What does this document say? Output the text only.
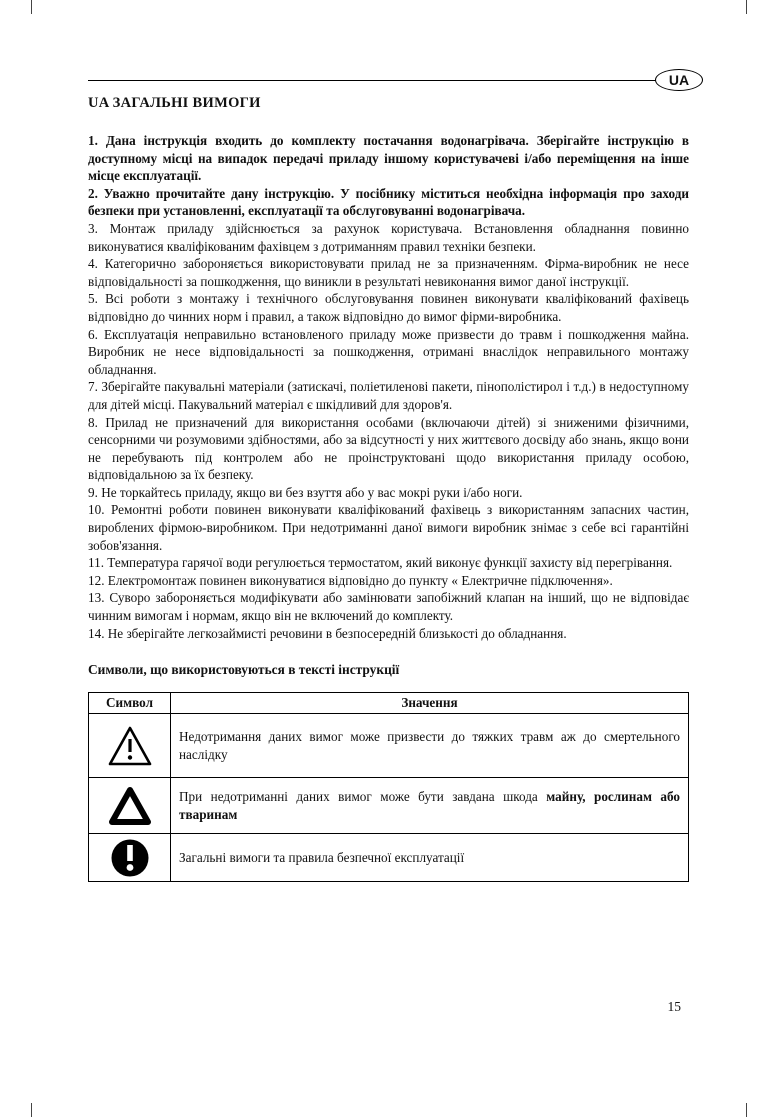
UA
UA ЗАГАЛЬНІ ВИМОГИ

1. Дана інструкція входить до комплекту постачання водонагрівача. Зберігайте інструкцію в доступному місці на випадок передачі приладу іншому користувачеві і/або переміщення на інше місце експлуатації.

2. Уважно прочитайте дану інструкцію. У посібнику міститься необхідна інформація про заходи безпеки при установленні, експлуатації та обслуговуванні водонагрівача.

3. Монтаж приладу здійснюється за рахунок користувача. Встановлення обладнання повинно виконуватися кваліфікованим фахівцем з дотриманням правил техніки безпеки.

4. Категорично забороняється використовувати прилад не за призначенням. Фірма-виробник не несе відповідальності за пошкодження, що виникли в результаті невиконання вимог даної інструкції.

5. Всі роботи з монтажу і технічного обслуговування повинен виконувати кваліфікований фахівець відповідно до чинних норм і правил, а також відповідно до вимог фірми-виробника.

6. Експлуатація неправильно встановленого приладу може призвести до травм і пошкодження майна. Виробник не несе відповідальності за пошкодження, отримані внаслідок неправильного монтажу обладнання.

7. Зберігайте пакувальні матеріали (затискачі, поліетиленові пакети, пінополістирол і т.д.) в недоступному для дітей місці. Пакувальний матеріал є шкідливий для здоров'я.

8. Прилад не призначений для використання особами (включаючи дітей) зі зниженими фізичними, сенсорними чи розумовими здібностями, або за відсутності у них життєвого досвіду або знань, якщо вони не перебувають під контролем або не проінструктовані щодо використання приладу особою, відповідальною за їх безпеку.

9. Не торкайтесь приладу, якщо ви без взуття або у вас мокрі руки і/або ноги.

10. Ремонтні роботи повинен виконувати кваліфікований фахівець з використанням запасних частин, вироблених фірмою-виробником. При недотриманні даної вимоги виробник знімає з себе всі гарантійні зобов'язання.

11. Температура гарячої води регулюється термостатом, який виконує функції захисту від перегрівання.

12. Електромонтаж повинен виконуватися відповідно до пункту « Електричне підключення».

13. Суворо забороняється модифікувати або замінювати запобіжний клапан на інший, що не відповідає чинним вимогам і нормам, якщо він не включений до комплекту.

14. Не зберігайте легкозаймисті речовини в безпосередній близькості до обладнання.

Символи, що використовуються в тексті інструкції
Символ	Значення

	Недотримання даних вимог може призвести до тяжких травм аж до смертельного наслідку

	При недотриманні даних вимог може бути завдана шкода майну, рослинам або тваринам

	Загальні вимоги та правила безпечної експлуатації
15
